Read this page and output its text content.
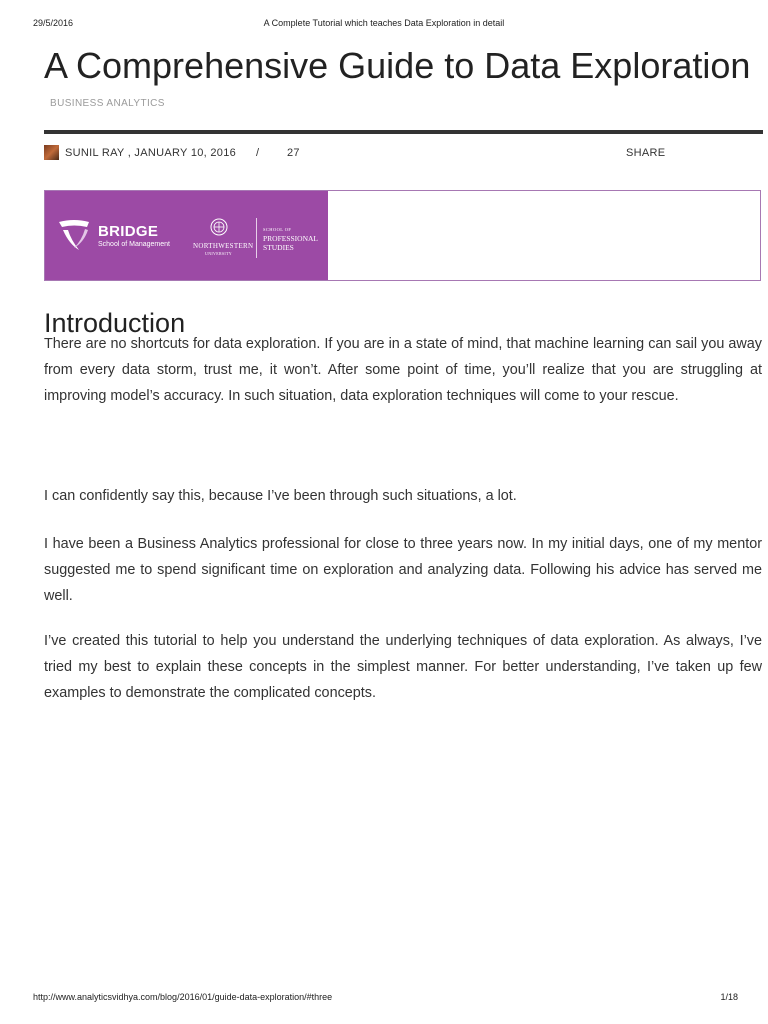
29/5/2016	A Complete Tutorial which teaches Data Exploration in detail
A Comprehensive Guide to Data Exploration
BUSINESS ANALYTICS
SUNIL RAY , JANUARY 10, 2016 /	27	SHARE
BRIDGE
School of Management	NORTHWESTERN
UNIVERSITY
SCHOOL OF
PROFESSIONAL
STUDIES
Introduction

There are no shortcuts for data exploration. If you are in a state of mind, that machine learning can sail you away from every data storm, trust me, it won’t. After some point of time, you’ll realize that you are struggling at improving model’s accuracy. In such situation, data exploration techniques will come to your rescue.

I can confidently say this, because I’ve been through such situations, a lot.

I have been a Business Analytics professional for close to three years now. In my initial days, one of my mentor suggested me to spend significant time on exploration and analyzing data. Following his advice has served me well.

I’ve created this tutorial to help you understand the underlying techniques of data exploration. As always, I’ve tried my best to explain these concepts in the simplest manner. For better understanding, I’ve taken up few examples to demonstrate the complicated concepts.

http://www.analyticsvidhya.com/blog/2016/01/guide-data-exploration/#three	1/18
